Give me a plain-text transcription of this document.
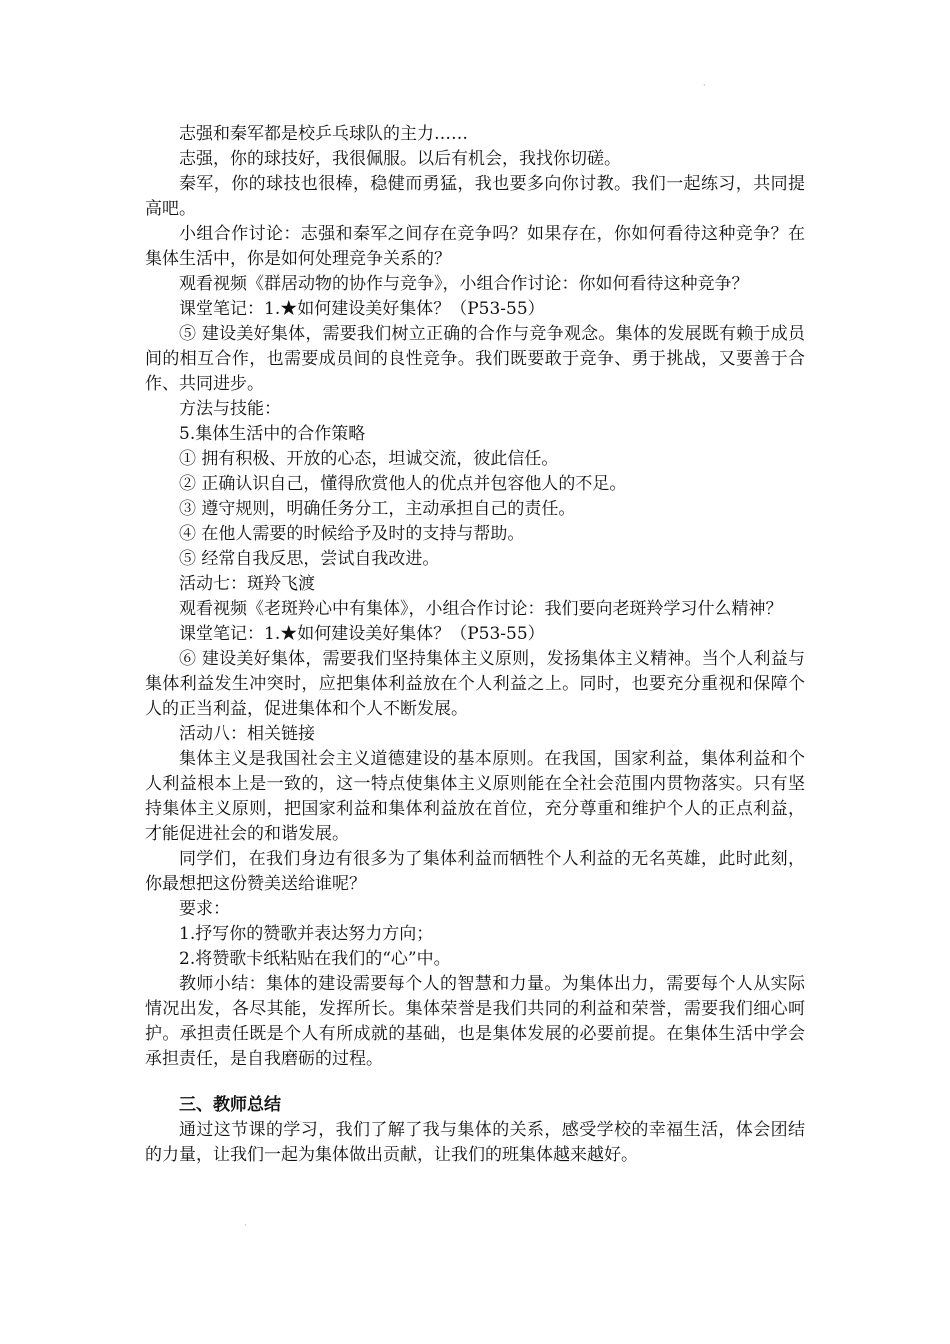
·

志强和秦军都是校乒乓球队的主力……

志强，你的球技好，我很佩服。以后有机会，我找你切磋。

秦军，你的球技也很棒，稳健而勇猛，我也要多向你讨教。我们一起练习，共同提高吧。

小组合作讨论：志强和秦军之间存在竞争吗？如果存在，你如何看待这种竞争？在集体生活中，你是如何处理竞争关系的？

观看视频《群居动物的协作与竞争》，小组合作讨论：你如何看待这种竞争？

课堂笔记：1.★如何建设美好集体？（P53-55）

⑤ 建设美好集体，需要我们树立正确的合作与竞争观念。集体的发展既有赖于成员间的相互合作，也需要成员间的良性竞争。我们既要敢于竞争、勇于挑战，又要善于合作、共同进步。

方法与技能：

5.集体生活中的合作策略

① 拥有积极、开放的心态，坦诚交流，彼此信任。

② 正确认识自己，懂得欣赏他人的优点并包容他人的不足。

③ 遵守规则，明确任务分工，主动承担自己的责任。

④ 在他人需要的时候给予及时的支持与帮助。

⑤ 经常自我反思，尝试自我改进。

活动七：斑羚飞渡

观看视频《老斑羚心中有集体》，小组合作讨论：我们要向老斑羚学习什么精神？

课堂笔记：1.★如何建设美好集体？（P53-55）

⑥ 建设美好集体，需要我们坚持集体主义原则，发扬集体主义精神。当个人利益与集体利益发生冲突时，应把集体利益放在个人利益之上。同时，也要充分重视和保障个人的正当利益，促进集体和个人不断发展。

活动八：相关链接

集体主义是我国社会主义道德建设的基本原则。在我国，国家利益，集体利益和个人利益根本上是一致的，这一特点使集体主义原则能在全社会范围内贯物落实。只有坚持集体主义原则，把国家利益和集体利益放在首位，充分尊重和维护个人的正点利益，才能促进社会的和谐发展。

同学们，在我们身边有很多为了集体利益而牺牲个人利益的无名英雄，此时此刻，你最想把这份赞美送给谁呢？

要求：

1.抒写你的赞歌并表达努力方向；

2.将赞歌卡纸粘贴在我们的“心”中。

教师小结：集体的建设需要每个人的智慧和力量。为集体出力，需要每个人从实际情况出发，各尽其能，发挥所长。集体荣誉是我们共同的利益和荣誉，需要我们细心呵护。承担责任既是个人有所成就的基础，也是集体发展的必要前提。在集体生活中学会承担责任，是自我磨砺的过程。

三、教师总结

通过这节课的学习，我们了解了我与集体的关系，感受学校的幸福生活，体会团结的力量，让我们一起为集体做出贡献，让我们的班集体越来越好。

·
